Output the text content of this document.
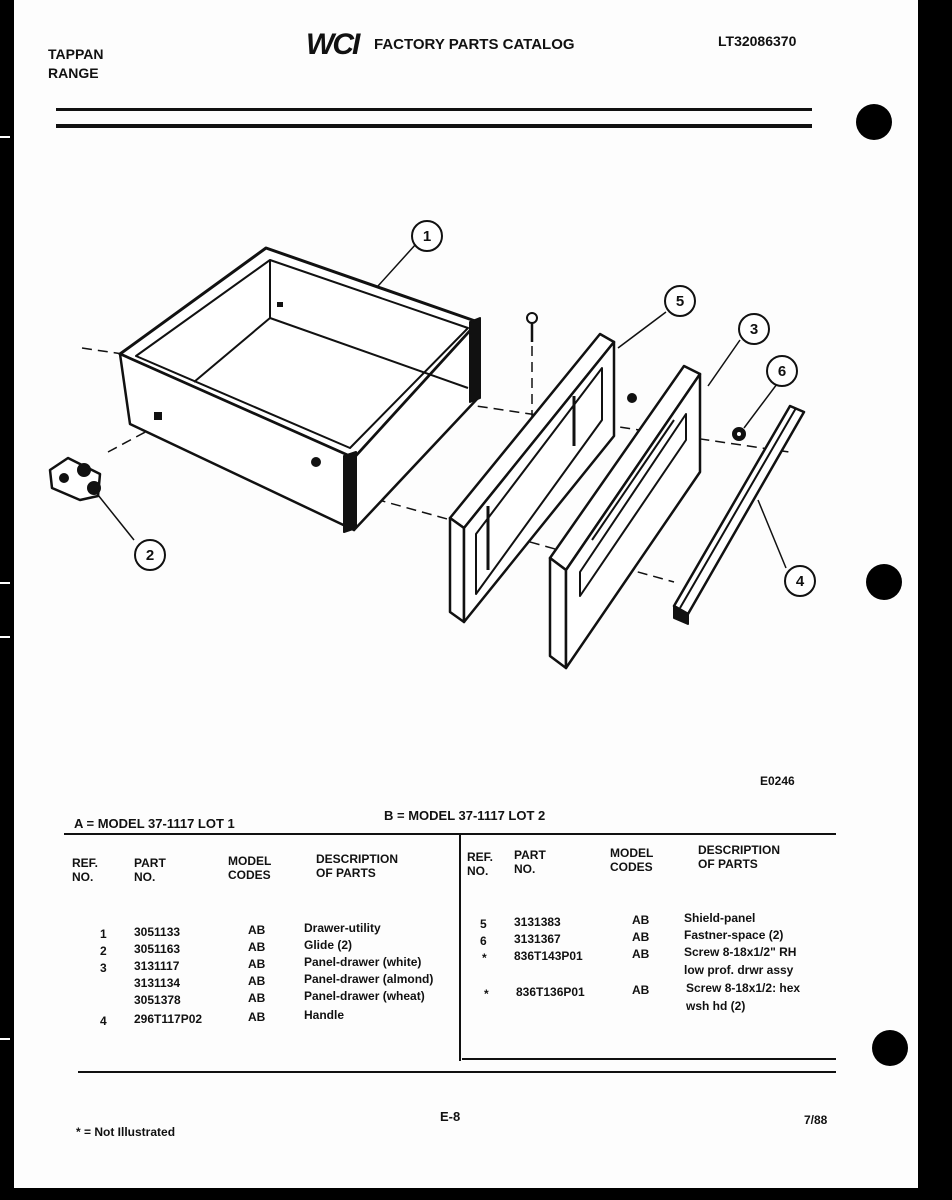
TAPPAN
RANGE
WCI FACTORY PARTS CATALOG	LT32086370
1
2
3
4
5
6
E0246
A = MODEL 37-1117 LOT 1
B = MODEL 37-1117 LOT 2
REF.
NO.
PART
NO.
MODEL
CODES
DESCRIPTION
OF PARTS
REF.
NO.
PART
NO.
MODEL
CODES
DESCRIPTION
OF PARTS
1 3051133	AB	Drawer-utility
2 3051163	AB	Glide (2)
3 3131117	AB	Panel-drawer (white)
3131134	AB	Panel-drawer (almond)
3051378	AB	Panel-drawer (wheat)
4 296T117P02	AB	Handle
5 3131383	AB	Shield-panel
6 3131367	AB	Fastner-space (2)
* 836T143P01	AB	Screw 8-18x1/2" RH
low prof. drwr assy
* 836T136P01	AB	Screw 8-18x1/2: hex
wsh hd (2)
* = Not Illustrated
E-8	7/88
